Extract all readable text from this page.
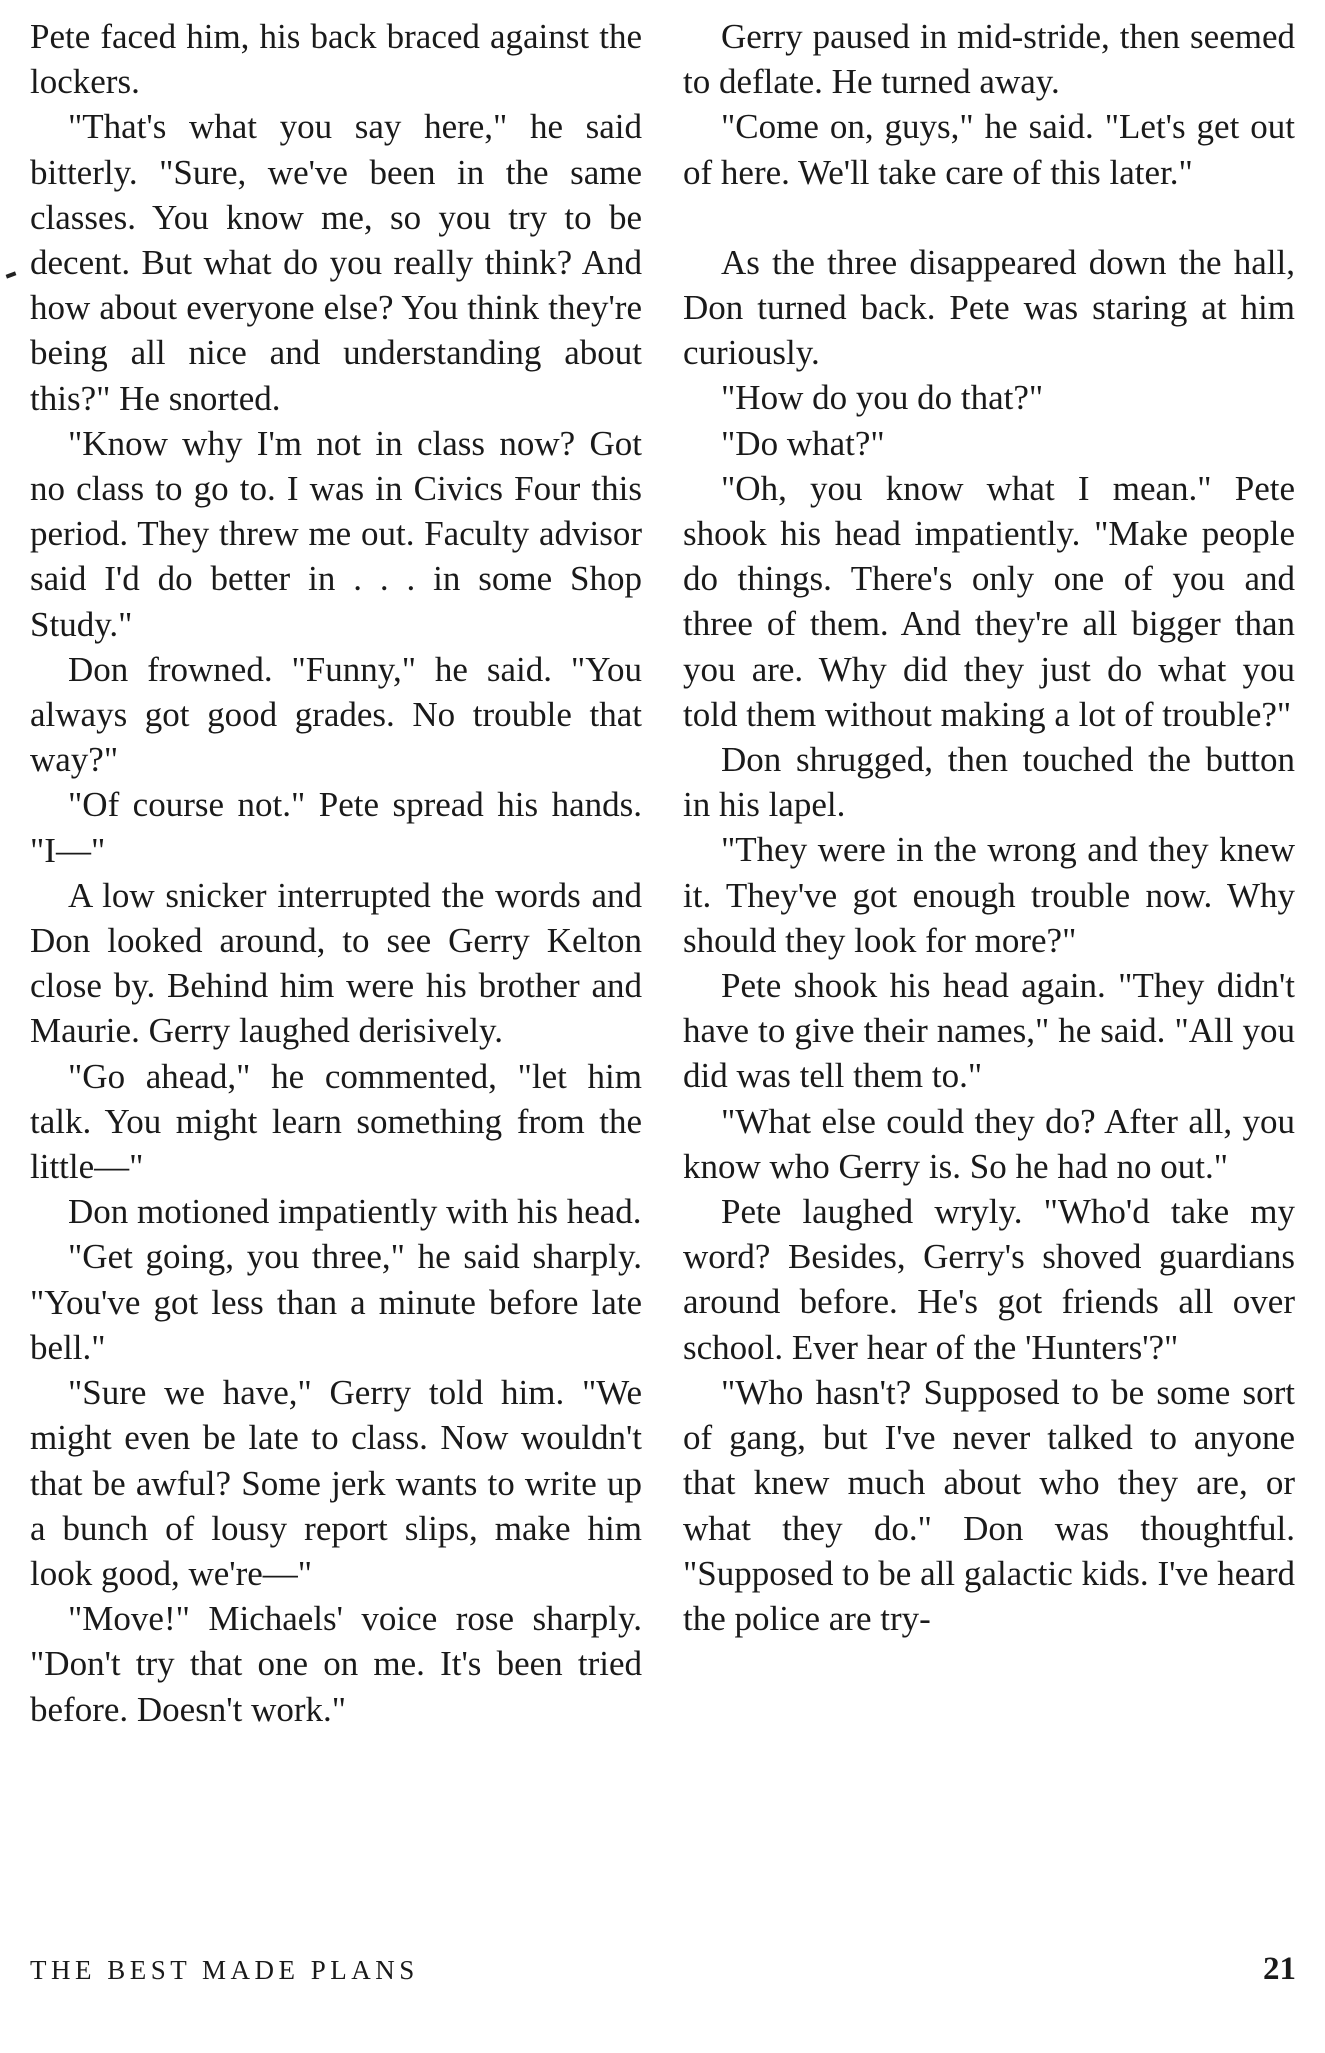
Pete faced him, his back braced against the lockers.

"That's what you say here," he said bitterly. "Sure, we've been in the same classes. You know me, so you try to be decent. But what do you really think? And how about everyone else? You think they're being all nice and understanding about this?" He snorted.

"Know why I'm not in class now? Got no class to go to. I was in Civics Four this period. They threw me out. Faculty advisor said I'd do better in . . . in some Shop Study."

Don frowned. "Funny," he said. "You always got good grades. No trouble that way?"

"Of course not." Pete spread his hands. "I—"

A low snicker interrupted the words and Don looked around, to see Gerry Kelton close by. Behind him were his brother and Maurie. Gerry laughed derisively.

"Go ahead," he commented, "let him talk. You might learn something from the little—"

Don motioned impatiently with his head.

"Get going, you three," he said sharply. "You've got less than a minute before late bell."

"Sure we have," Gerry told him. "We might even be late to class. Now wouldn't that be awful? Some jerk wants to write up a bunch of lousy report slips, make him look good, we're—"

"Move!" Michaels' voice rose sharply. "Don't try that one on me. It's been tried before. Doesn't work."

Gerry paused in mid-stride, then seemed to deflate. He turned away.

"Come on, guys," he said. "Let's get out of here. We'll take care of this later."

As the three disappeared down the hall, Don turned back. Pete was staring at him curiously.

"How do you do that?"

"Do what?"

"Oh, you know what I mean." Pete shook his head impatiently. "Make people do things. There's only one of you and three of them. And they're all bigger than you are. Why did they just do what you told them without making a lot of trouble?"

Don shrugged, then touched the button in his lapel.

"They were in the wrong and they knew it. They've got enough trouble now. Why should they look for more?"

Pete shook his head again. "They didn't have to give their names," he said. "All you did was tell them to."

"What else could they do? After all, you know who Gerry is. So he had no out."

Pete laughed wryly. "Who'd take my word? Besides, Gerry's shoved guardians around before. He's got friends all over school. Ever hear of the 'Hunters'?"

"Who hasn't? Supposed to be some sort of gang, but I've never talked to anyone that knew much about who they are, or what they do." Don was thoughtful. "Supposed to be all galactic kids. I've heard the police are try-

THE BEST MADE PLANS	21
